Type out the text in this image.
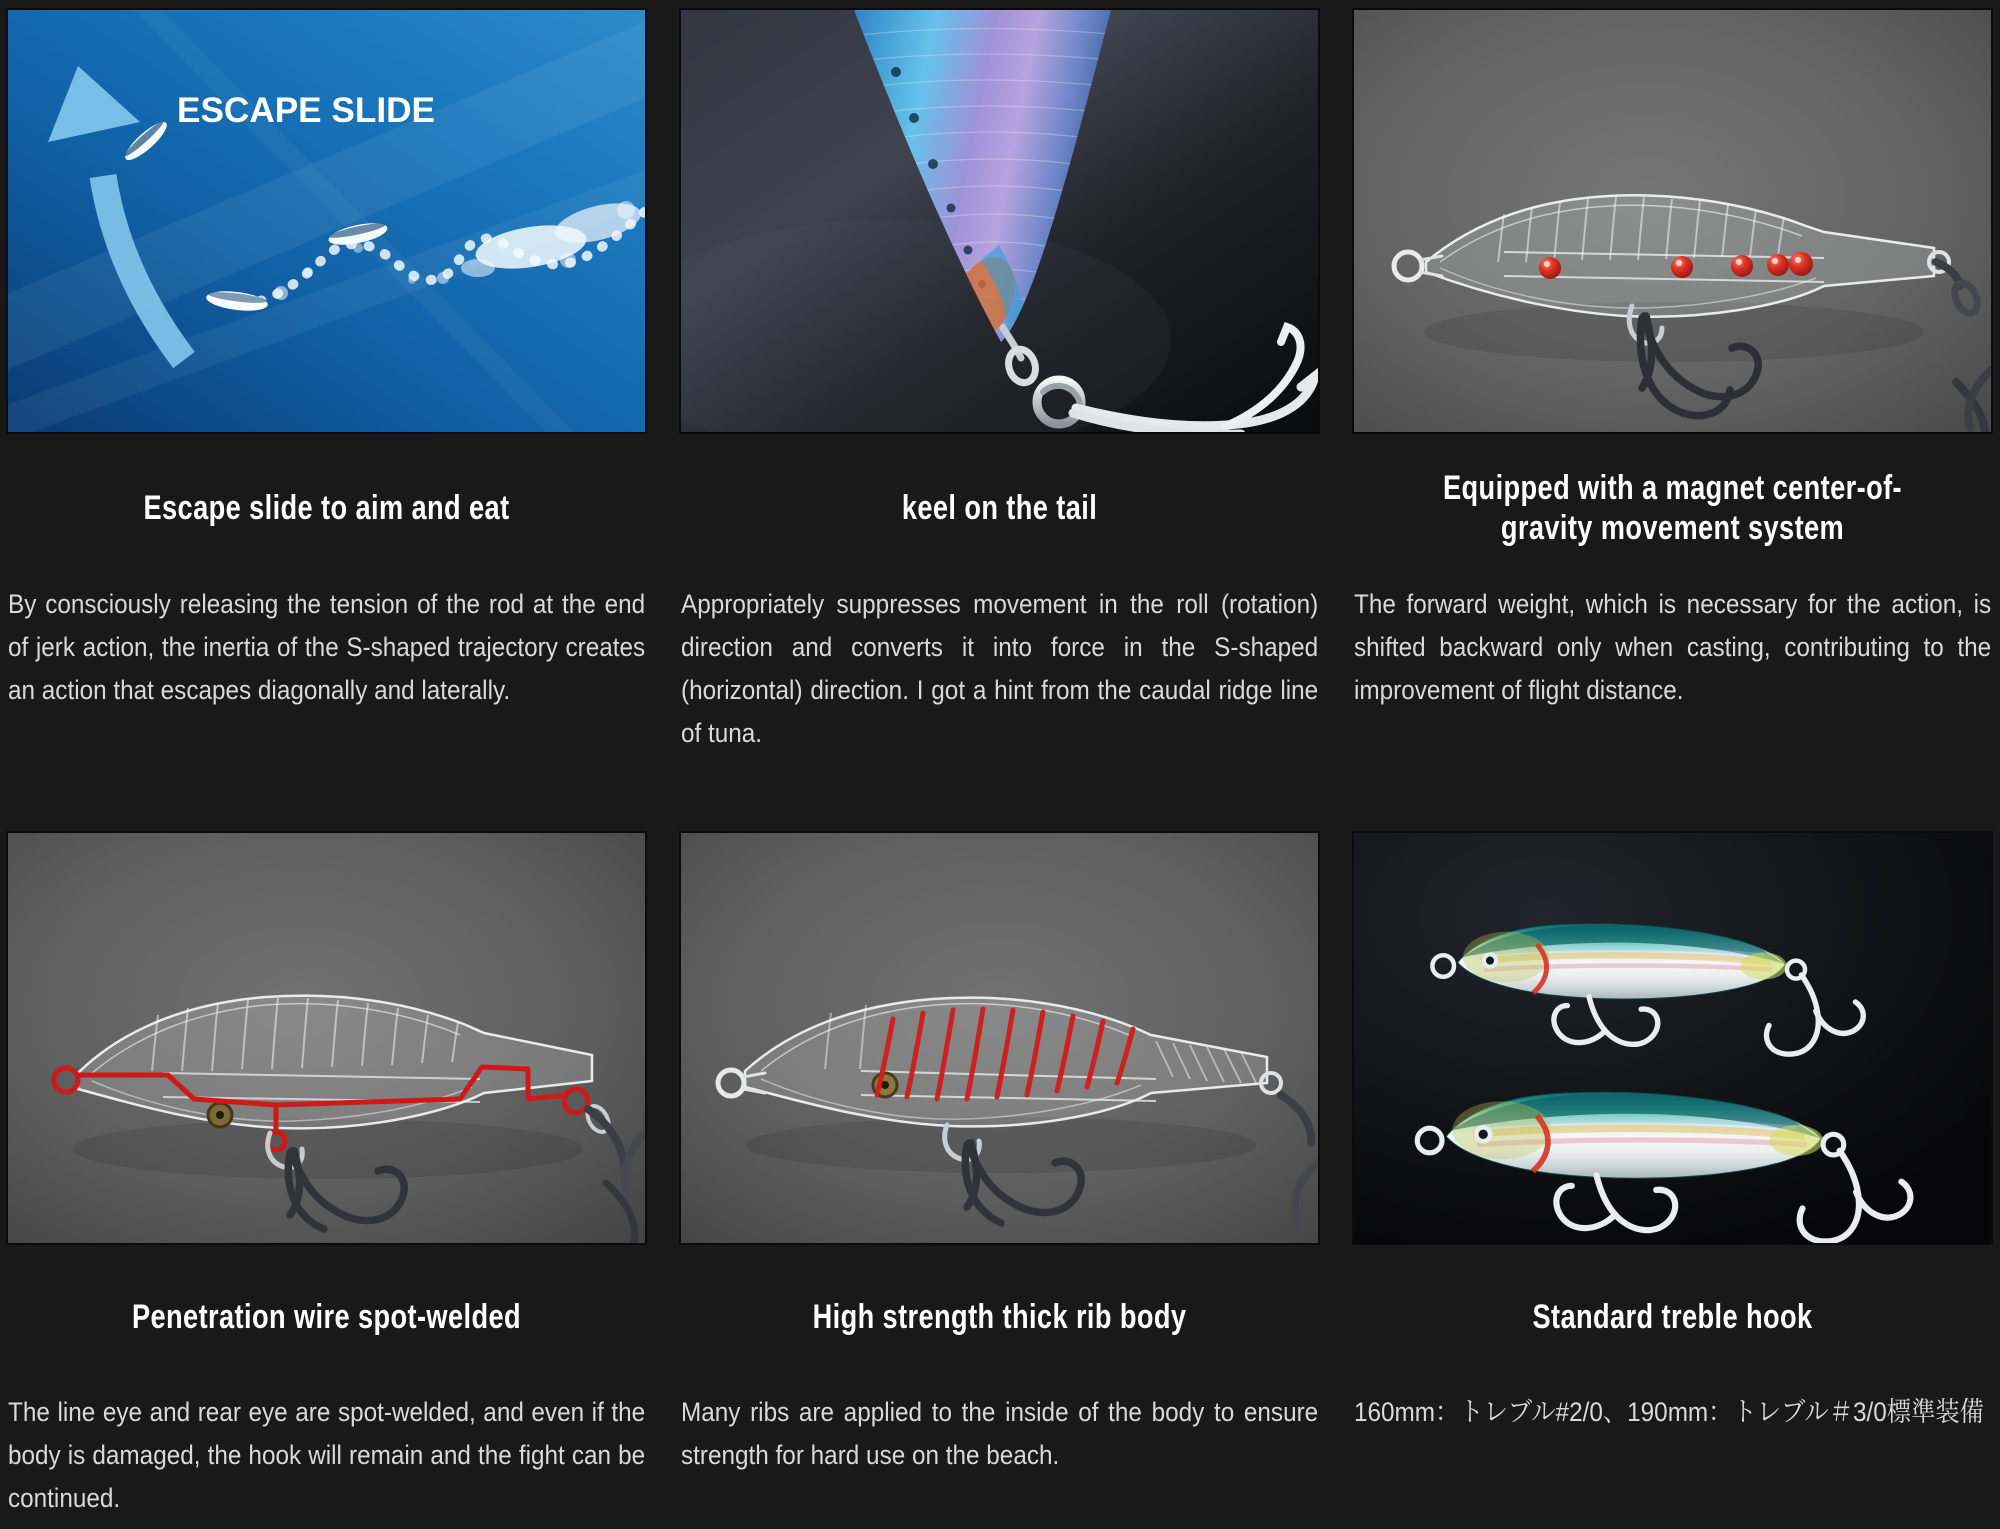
ESCAPE SLIDE
Escape slide to aim and eat

By consciously releasing the tension of the rod at the end of jerk action, the inertia of the S-shaped trajectory creates an action that escapes diagonally and laterally.

keel on the tail

Appropriately suppresses movement in the roll (rotation) direction and converts it into force in the S-shaped (horizontal) direction. I got a hint from the caudal ridge line of tuna.

Equipped with a magnet center-of-gravity movement system

The forward weight, which is necessary for the action, is shifted backward only when casting, contributing to the improvement of flight distance.

Penetration wire spot-welded

The line eye and rear eye are spot-welded, and even if the body is damaged, the hook will remain and the fight can be continued.

High strength thick rib body

Many ribs are applied to the inside of the body to ensure strength for hard use on the beach.

Standard treble hook

160mm：トレブル#2/0、190mm：トレブル＃3/0標準装備
